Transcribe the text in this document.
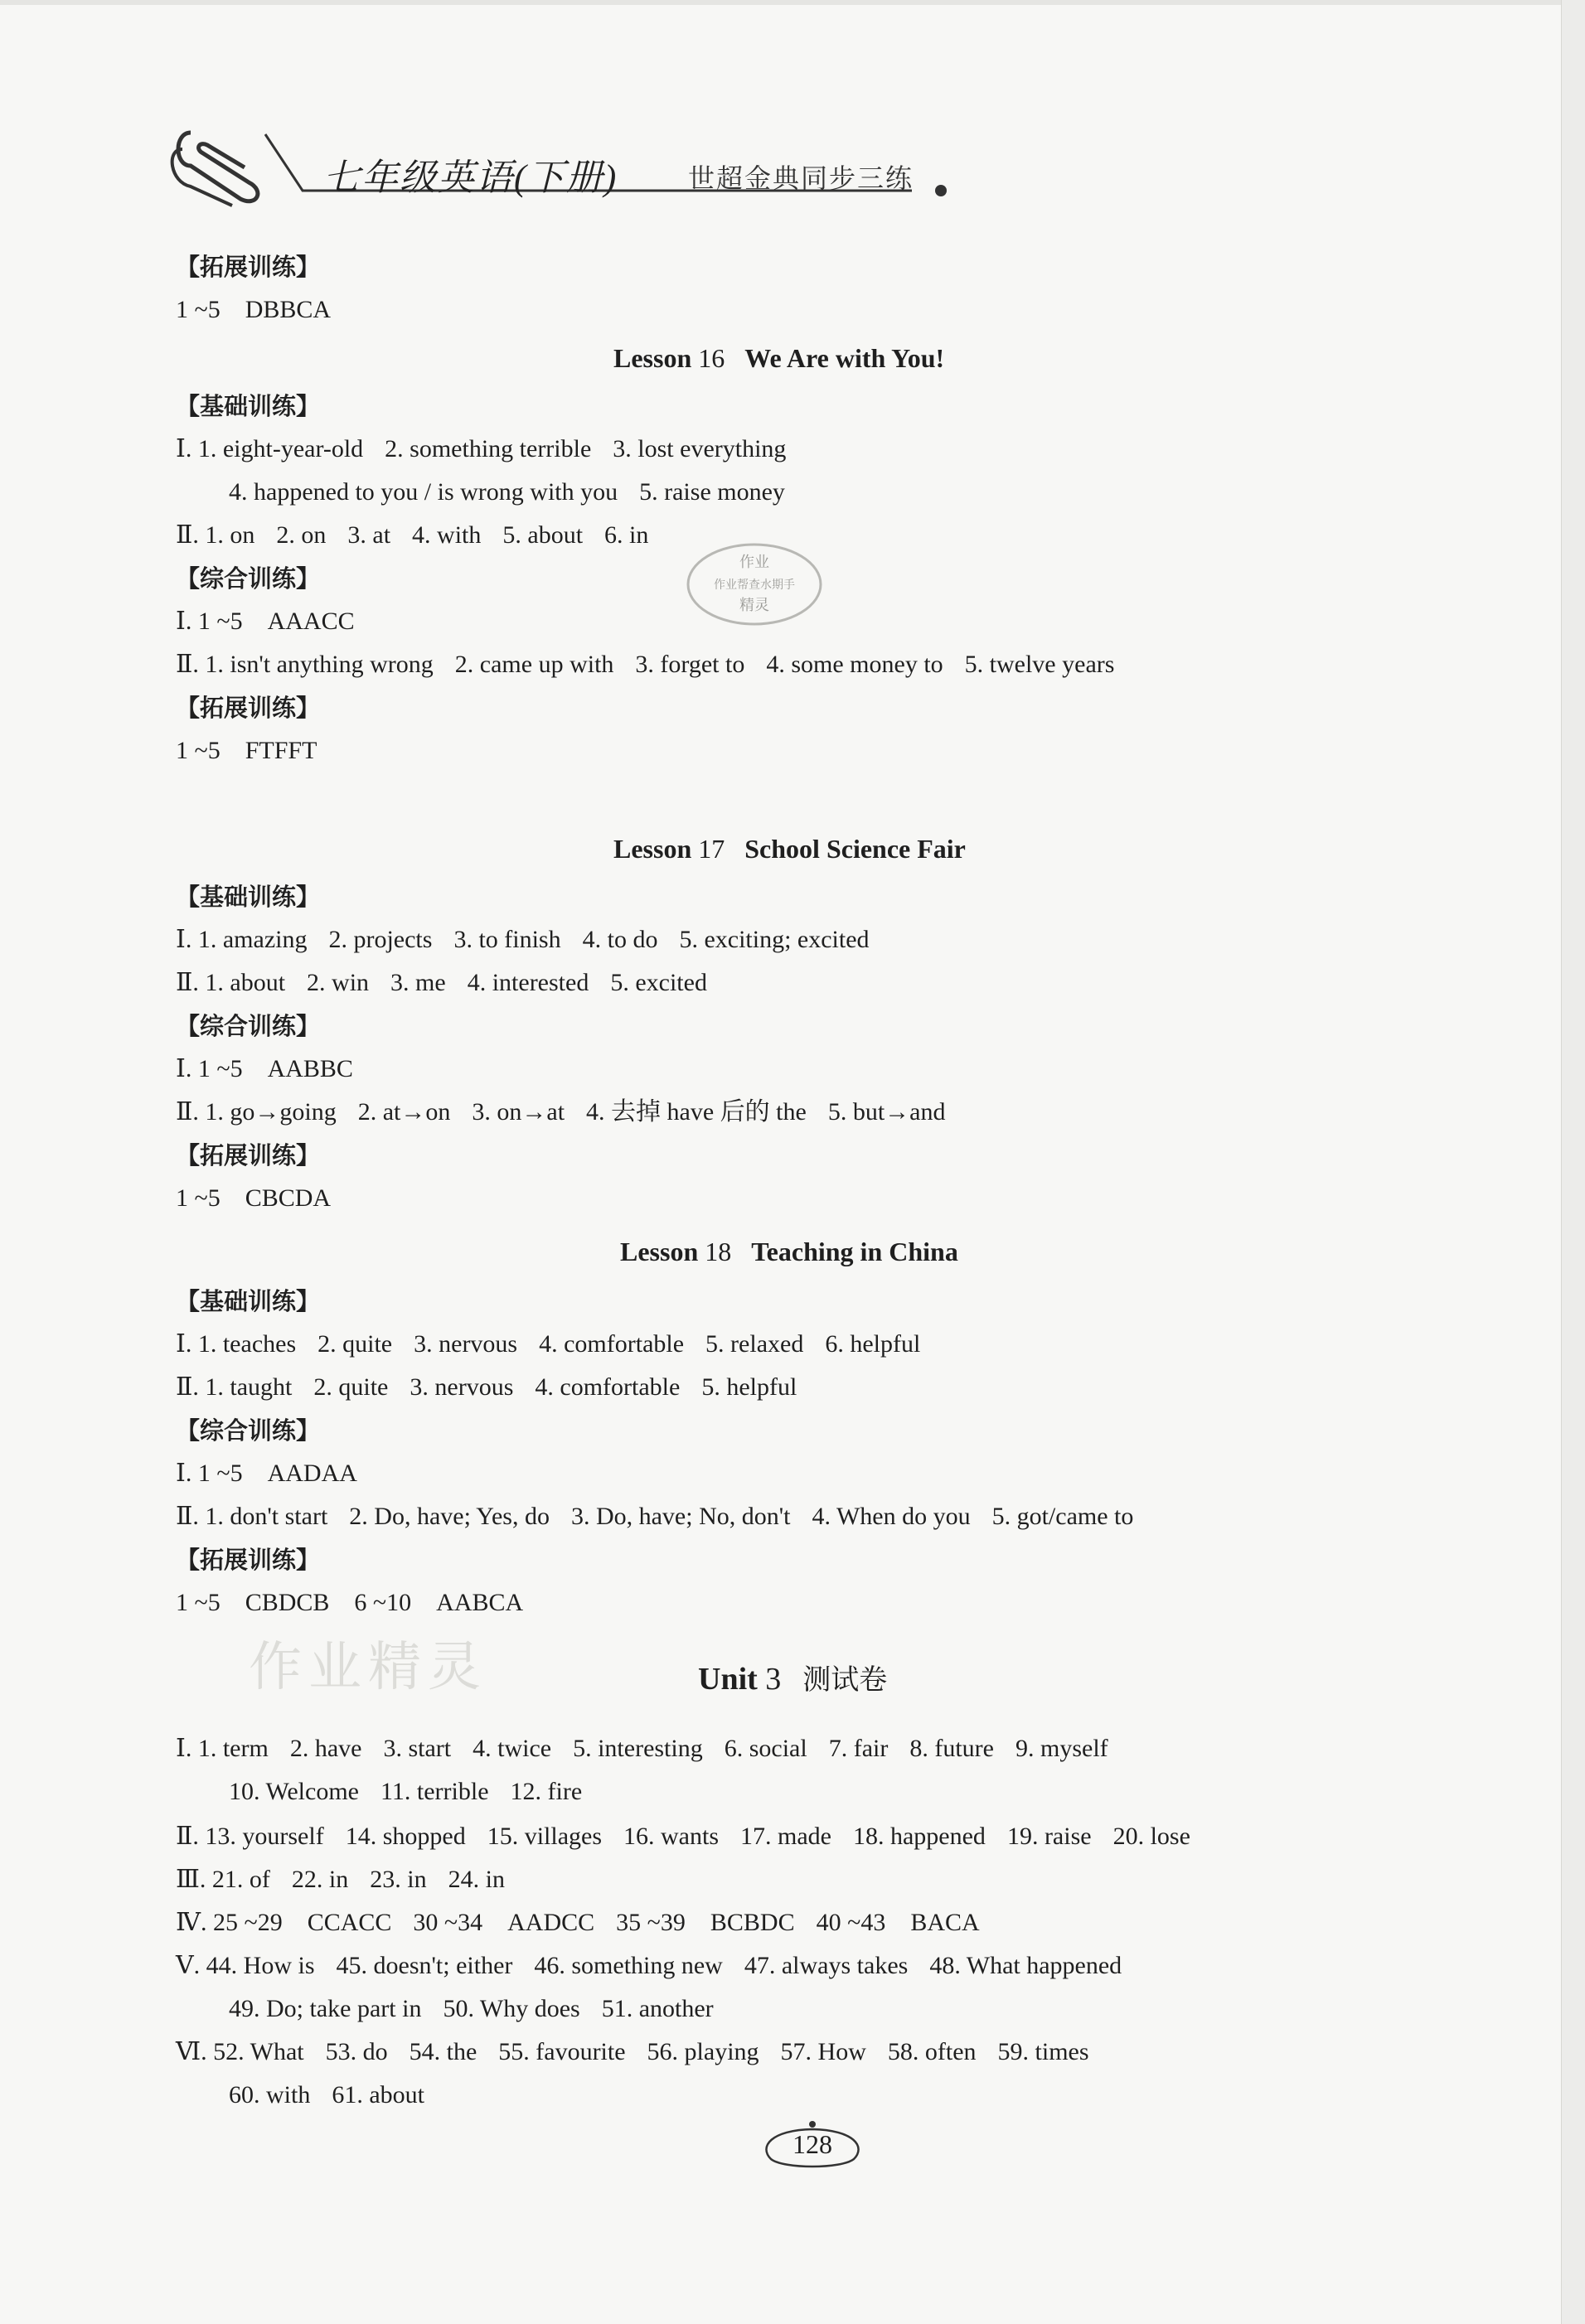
七年级英语(下册)	世超金典同步三练
【拓展训练】
1 ~5　DBBCA
Lesson 16 We Are with You!
【基础训练】
Ⅰ. 1. eight-year-old 2. something terrible 3. lost everything
4. happened to you / is wrong with you 5. raise money
Ⅱ. 1. on 2. on 3. at 4. with 5. about 6. in
【综合训练】
Ⅰ. 1 ~5　AAACC
Ⅱ. 1. isn't anything wrong 2. came up with 3. forget to 4. some money to 5. twelve years
【拓展训练】
1 ~5　FTFFT
Lesson 17 School Science Fair
【基础训练】
Ⅰ. 1. amazing 2. projects 3. to finish 4. to do 5. exciting; excited
Ⅱ. 1. about 2. win 3. me 4. interested 5. excited
【综合训练】
Ⅰ. 1 ~5　AABBC
Ⅱ. 1. go→going 2. at→on 3. on→at 4. 去掉 have 后的 the 5. but→and
【拓展训练】
1 ~5　CBCDA
Lesson 18 Teaching in China
【基础训练】
Ⅰ. 1. teaches 2. quite 3. nervous 4. comfortable 5. relaxed 6. helpful
Ⅱ. 1. taught 2. quite 3. nervous 4. comfortable 5. helpful
【综合训练】
Ⅰ. 1 ~5　AADAA
Ⅱ. 1. don't start 2. Do, have; Yes, do 3. Do, have; No, don't 4. When do you 5. got/came to
【拓展训练】
1 ~5　CBDCB　6 ~10　AABCA
Unit 3 测试卷
Ⅰ. 1. term 2. have 3. start 4. twice 5. interesting 6. social 7. fair 8. future 9. myself
10. Welcome 11. terrible 12. fire
Ⅱ. 13. yourself 14. shopped 15. villages 16. wants 17. made 18. happened 19. raise 20. lose
Ⅲ. 21. of 22. in 23. in 24. in
Ⅳ. 25 ~29　CCACC 30 ~34　AADCC 35 ~39　BCBDC 40 ~43　BACA
Ⅴ. 44. How is 45. doesn't; either 46. something new 47. always takes 48. What happened
49. Do; take part in 50. Why does 51. another
Ⅵ. 52. What 53. do 54. the 55. favourite 56. playing 57. How 58. often 59. times
60. with 61. about
作业
作业帮查水期手
精灵
作业精灵
128
